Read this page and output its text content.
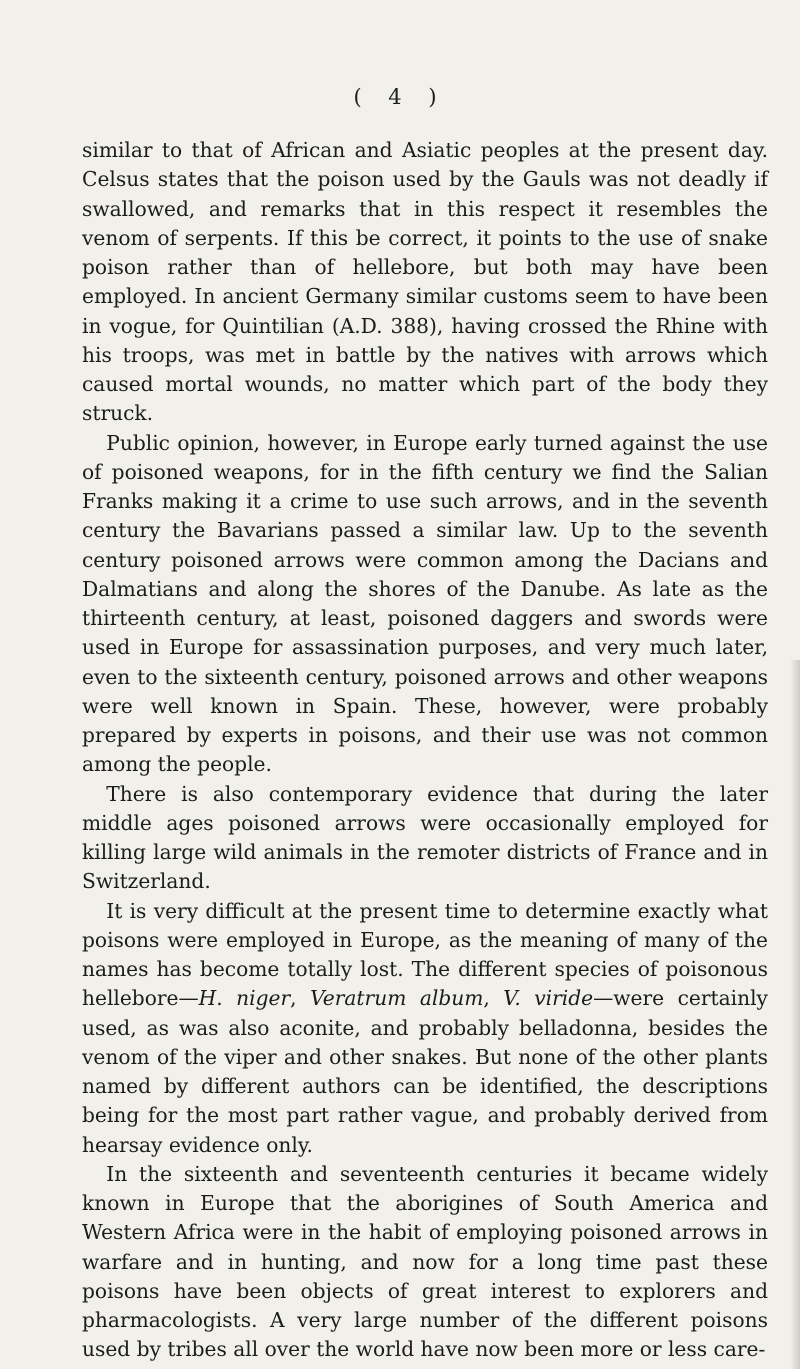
( 4 )

similar to that of African and Asiatic peoples at the present day. Celsus states that the poison used by the Gauls was not deadly if swallowed, and remarks that in this respect it resembles the venom of serpents. If this be correct, it points to the use of snake poison rather than of hellebore, but both may have been employed. In ancient Germany similar customs seem to have been in vogue, for Quintilian (A.D. 388), having crossed the Rhine with his troops, was met in battle by the natives with arrows which caused mortal wounds, no matter which part of the body they struck.

Public opinion, however, in Europe early turned against the use of poisoned weapons, for in the fifth century we find the Salian Franks making it a crime to use such arrows, and in the seventh century the Bavarians passed a similar law. Up to the seventh century poisoned arrows were common among the Dacians and Dalmatians and along the shores of the Danube. As late as the thirteenth century, at least, poisoned daggers and swords were used in Europe for assassination purposes, and very much later, even to the sixteenth century, poisoned arrows and other weapons were well known in Spain. These, however, were probably prepared by experts in poisons, and their use was not common among the people.

There is also contemporary evidence that during the later middle ages poisoned arrows were occasionally employed for killing large wild animals in the remoter districts of France and in Switzerland.

It is very difficult at the present time to determine exactly what poisons were employed in Europe, as the meaning of many of the names has become totally lost. The different species of poisonous hellebore—H. niger, Veratrum album, V. viride—were certainly used, as was also aconite, and probably belladonna, besides the venom of the viper and other snakes. But none of the other plants named by different authors can be identified, the descriptions being for the most part rather vague, and probably derived from hearsay evidence only.

In the sixteenth and seventeenth centuries it became widely known in Europe that the aborigines of South America and Western Africa were in the habit of employing poisoned arrows in warfare and in hunting, and now for a long time past these poisons have been objects of great interest to explorers and pharmacologists. A very large number of the different poisons used by tribes all over the world have now been more or less care-
